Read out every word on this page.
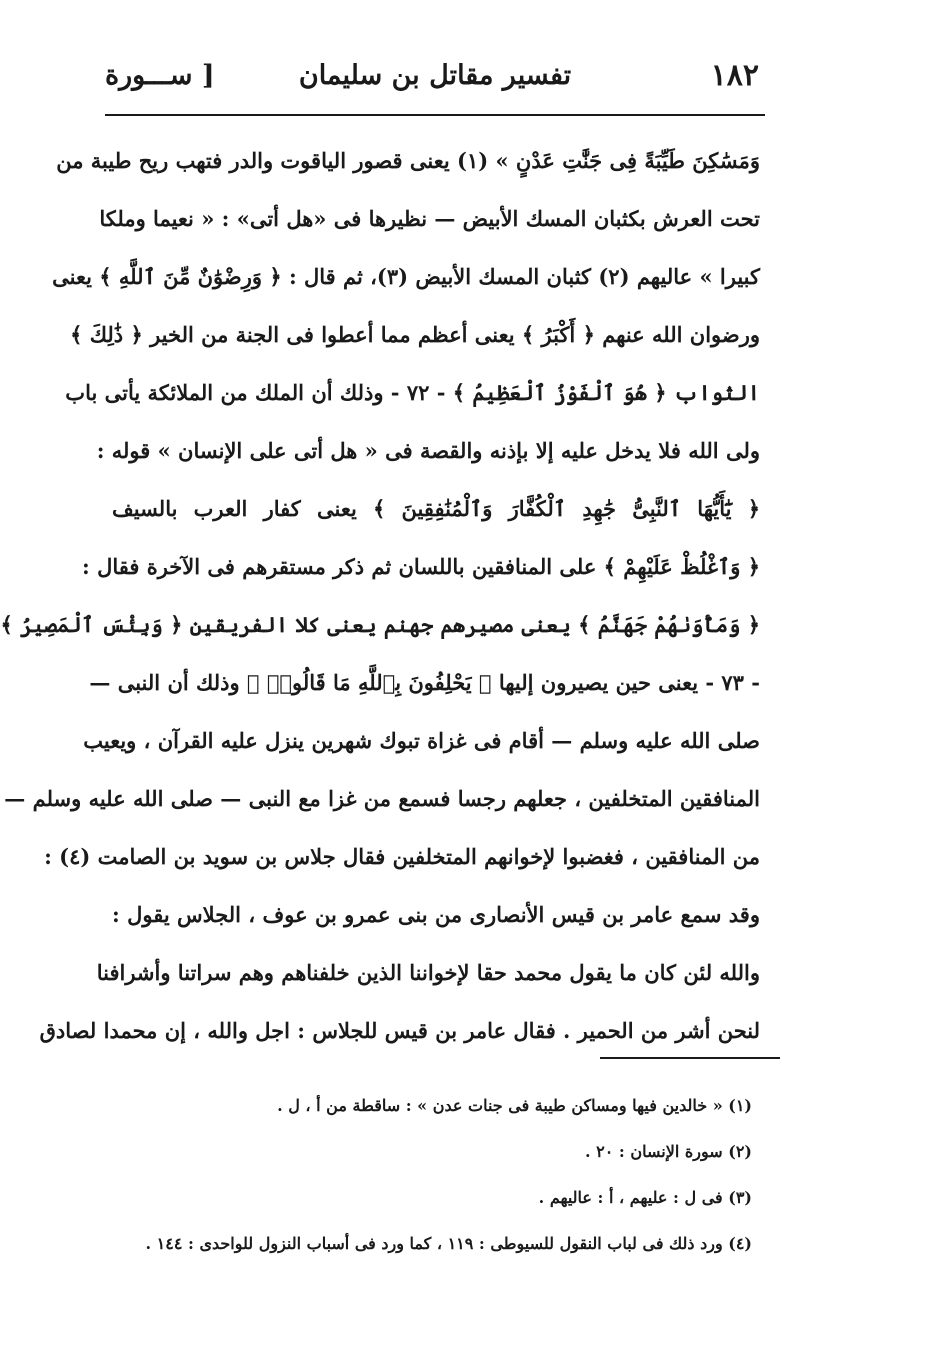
١٨٢
تفسير مقاتل بن سليمان
[ ســـورة
وَمَسَٰكِنَ طَيِّبَةً فِى جَنَّٰتِ عَدْنٍ » (١) يعنى قصور الياقوت والدر فتهب ريح طيبة من
تحت العرش بكثبان المسك الأبيض — نظيرها فى «هل أتى» : « نعيما وملكا
كبيرا » عاليهم (٢) كثبان المسك الأبيض (٣)، ثم قال : ﴿ وَرِضْوَٰنٌ مِّنَ ٱللَّهِ ﴾ يعنى
ورضوان الله عنهم ﴿ أَكْبَرُ ﴾ يعنى أعظم مما أعطوا فى الجنة من الخير ﴿ ذَٰلِكَ ﴾
الثواب ﴿ هُوَ ٱلْفَوْزُ ٱلْعَظِيمُ ﴾ - ٧٢ - وذلك أن الملك من الملائكة يأتى باب
ولى الله فلا يدخل عليه إلا بإذنه والقصة فى « هل أتى على الإنسان » قوله :
﴿ يَٰٓأَيُّهَا ٱلنَّبِىُّ جَٰهِدِ ٱلْكُفَّارَ وَٱلْمُنَٰفِقِينَ ﴾ يعنى كفار العرب بالسيف
﴿ وَٱغْلُظْ عَلَيْهِمْ ﴾ على المنافقين باللسان ثم ذكر مستقرهم فى الآخرة فقال :
﴿ وَمَأْوَىٰهُمْ جَهَنَّمُ ﴾ يعنى مصيرهم جهنم يعنى كلا الفريقين ﴿ وَبِئْسَ ٱلْمَصِيرُ ﴾
- ٧٣ - يعنى حين يصيرون إليها ﴿ يَحْلِفُونَ بِٱللَّهِ مَا قَالُوا۟ ﴾ وذلك أن النبى —
صلى الله عليه وسلم — أقام فى غزاة تبوك شهرين ينزل عليه القرآن ، ويعيب
المنافقين المتخلفين ، جعلهم رجسا فسمع من غزا مع النبى — صلى الله عليه وسلم —
من المنافقين ، فغضبوا لإخوانهم المتخلفين فقال جلاس بن سويد بن الصامت (٤) :
وقد سمع عامر بن قيس الأنصارى من بنى عمرو بن عوف ، الجلاس يقول :
والله لئن كان ما يقول محمد حقا لإخواننا الذين خلفناهم وهم سراتنا وأشرافنا
لنحن أشر من الحمير . فقال عامر بن قيس للجلاس : اجل والله ، إن محمدا لصادق
(١) « خالدين فيها ومساكن طيبة فى جنات عدن » : ساقطة من أ ، ل .
(٢) سورة الإنسان : ٢٠ .
(٣) فى ل : عليهم ، أ : عاليهم .
(٤) ورد ذلك فى لباب النقول للسيوطى : ١١٩ ، كما ورد فى أسباب النزول للواحدى : ١٤٤ .
